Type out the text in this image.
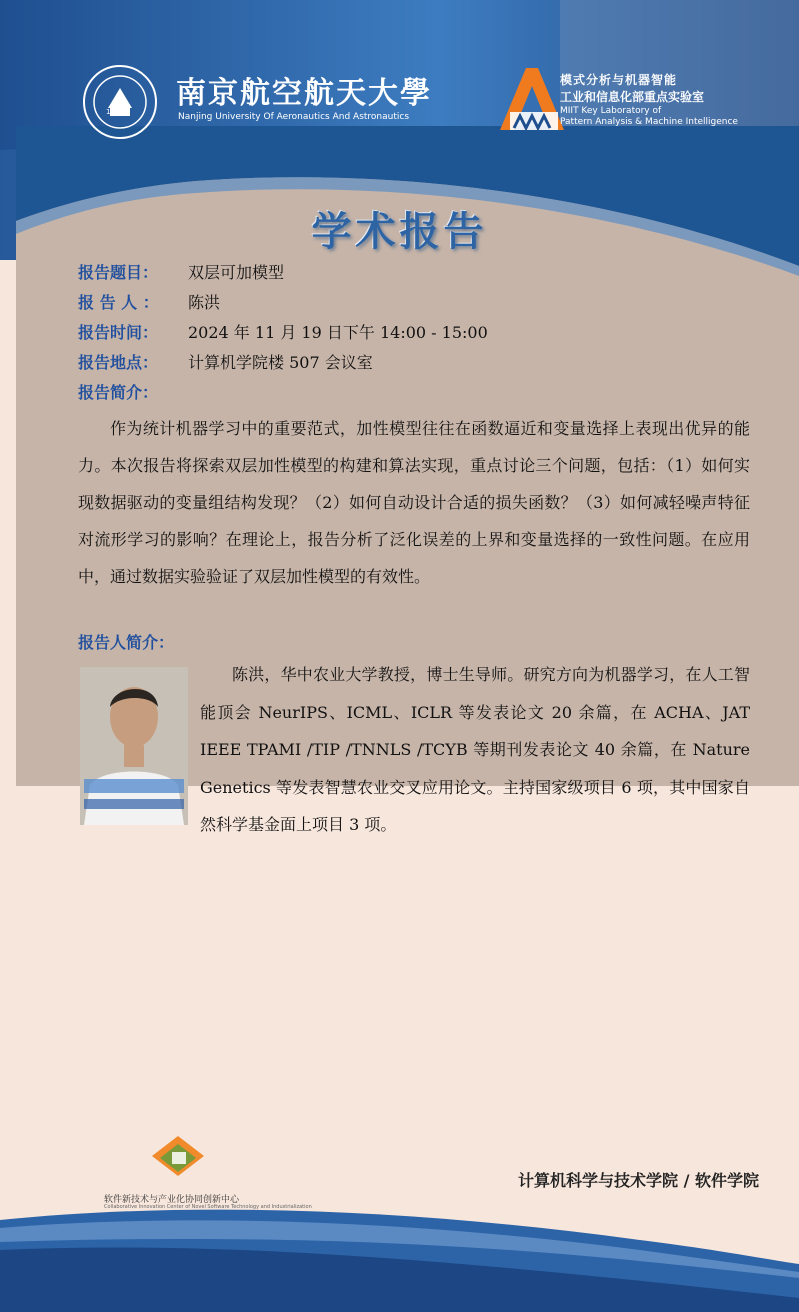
1952
南京航空航天大學
Nanjing University Of Aeronautics And Astronautics
模式分析与机器智能
工业和信息化部重点实验室
MIIT Key Laboratory of
Pattern Analysis & Machine Intelligence
学术报告
报告题目： 双层可加模型
报 告 人 ： 陈洪
报告时间： 2024 年 11 月 19 日下午 14:00 - 15:00
报告地点： 计算机学院楼 507 会议室
报告简介：

作为统计机器学习中的重要范式，加性模型往往在函数逼近和变量选择上表现出优异的能力。本次报告将探索双层加性模型的构建和算法实现，重点讨论三个问题，包括：（1）如何实现数据驱动的变量组结构发现？（2）如何自动设计合适的损失函数？（3）如何减轻噪声特征对流形学习的影响？在理论上，报告分析了泛化误差的上界和变量选择的一致性问题。在应用中，通过数据实验验证了双层加性模型的有效性。

报告人简介：

陈洪，华中农业大学教授，博士生导师。研究方向为机器学习，在人工智能顶会 NeurIPS、ICML、ICLR 等发表论文 20 余篇，在 ACHA、JAT IEEE TPAMI /TIP /TNNLS /TCYB 等期刊发表论文 40 余篇，在 Nature Genetics 等发表智慧农业交叉应用论文。主持国家级项目 6 项，其中国家自然科学基金面上项目 3 项。

软件新技术与产业化协同创新中心
Collaborative Innovation Center of Novel Software Technology and Industrialization
计算机科学与技术学院 / 软件学院
